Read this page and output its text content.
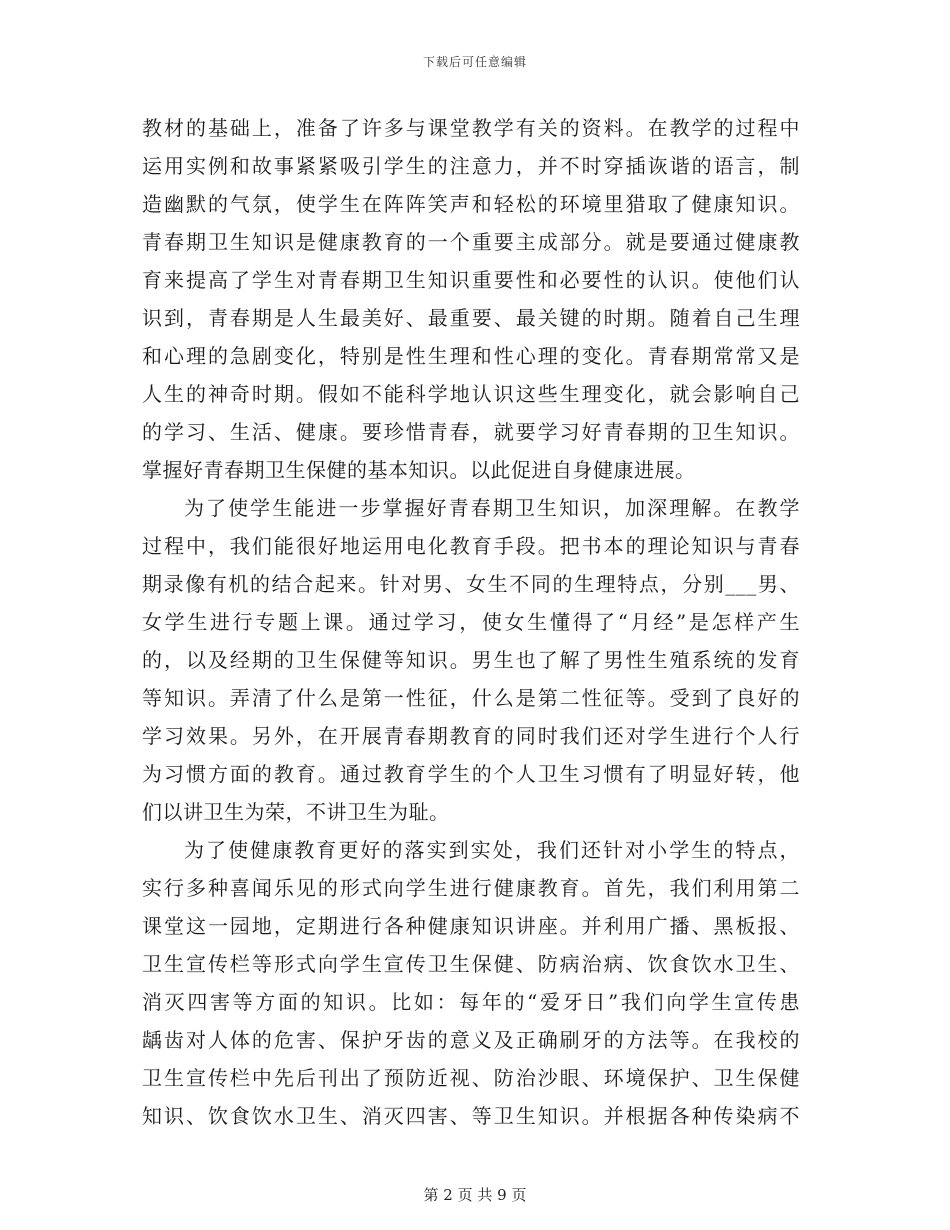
下载后可任意编辑
教材的基础上，准备了许多与课堂教学有关的资料。在教学的过程中
运用实例和故事紧紧吸引学生的注意力，并不时穿插诙谐的语言，制
造幽默的气氛，使学生在阵阵笑声和轻松的环境里猎取了健康知识。
青春期卫生知识是健康教育的一个重要主成部分。就是要通过健康教
育来提高了学生对青春期卫生知识重要性和必要性的认识。使他们认
识到，青春期是人生最美好、最重要、最关键的时期。随着自己生理
和心理的急剧变化，特别是性生理和性心理的变化。青春期常常又是
人生的神奇时期。假如不能科学地认识这些生理变化，就会影响自己
的学习、生活、健康。要珍惜青春，就要学习好青春期的卫生知识。
掌握好青春期卫生保健的基本知识。以此促进自身健康进展。
为了使学生能进一步掌握好青春期卫生知识，加深理解。在教学
过程中，我们能很好地运用电化教育手段。把书本的理论知识与青春
期录像有机的结合起来。针对男、女生不同的生理特点，分别___男、
女学生进行专题上课。通过学习，使女生懂得了“月经”是怎样产生
的，以及经期的卫生保健等知识。男生也了解了男性生殖系统的发育
等知识。弄清了什么是第一性征，什么是第二性征等。受到了良好的
学习效果。另外，在开展青春期教育的同时我们还对学生进行个人行
为习惯方面的教育。通过教育学生的个人卫生习惯有了明显好转，他
们以讲卫生为荣，不讲卫生为耻。
为了使健康教育更好的落实到实处，我们还针对小学生的特点，
实行多种喜闻乐见的形式向学生进行健康教育。首先，我们利用第二
课堂这一园地，定期进行各种健康知识讲座。并利用广播、黑板报、
卫生宣传栏等形式向学生宣传卫生保健、防病治病、饮食饮水卫生、
消灭四害等方面的知识。比如：每年的“爱牙日”我们向学生宣传患
龋齿对人体的危害、保护牙齿的意义及正确刷牙的方法等。在我校的
卫生宣传栏中先后刊出了预防近视、防治沙眼、环境保护、卫生保健
知识、饮食饮水卫生、消灭四害、等卫生知识。并根据各种传染病不
第 2 页 共 9 页
